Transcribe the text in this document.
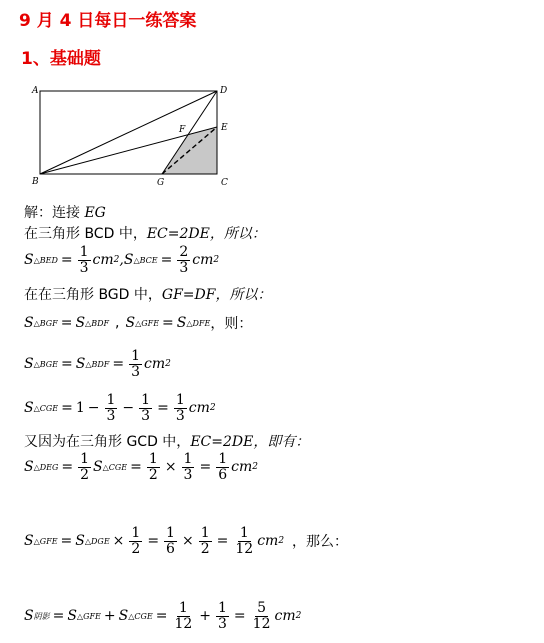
9 月 4 日每日一练答案
1、基础题
A	D
E
F
B	G	C
解：连接 EG
在三角形 BCD 中，EC=2DE，所以：
S △BED = $\frac{1}{3}$ cm 2 , S △BCE = $\frac{2}{3}$ cm 2
在在三角形 BGD 中，GF=DF，所以：
S △BGF = S △BDF , S △GFE = S △DFE ，则：
S △BGE = S △BDF = $\frac{1}{3}$ cm 2
S △CGE = $1 - \frac{1}{3} - \frac{1}{3} = \frac{1}{3}$ cm 2
又因为在三角形 GCD 中，EC=2DE，即有：
S △DEG = $\frac{1}{2}$ S △CGE = $\frac{1}{2} \times \frac{1}{3} = \frac{1}{6}$ cm 2
S △GFE = S △DGE × $\frac{1}{2} = \frac{1}{6} \times \frac{1}{2} = \frac{1}{12}$ cm 2 ，那么：
S 阴影 = S △GFE + S △CGE = $\frac{1}{12} + \frac{1}{3} = \frac{5}{12}$ cm 2
